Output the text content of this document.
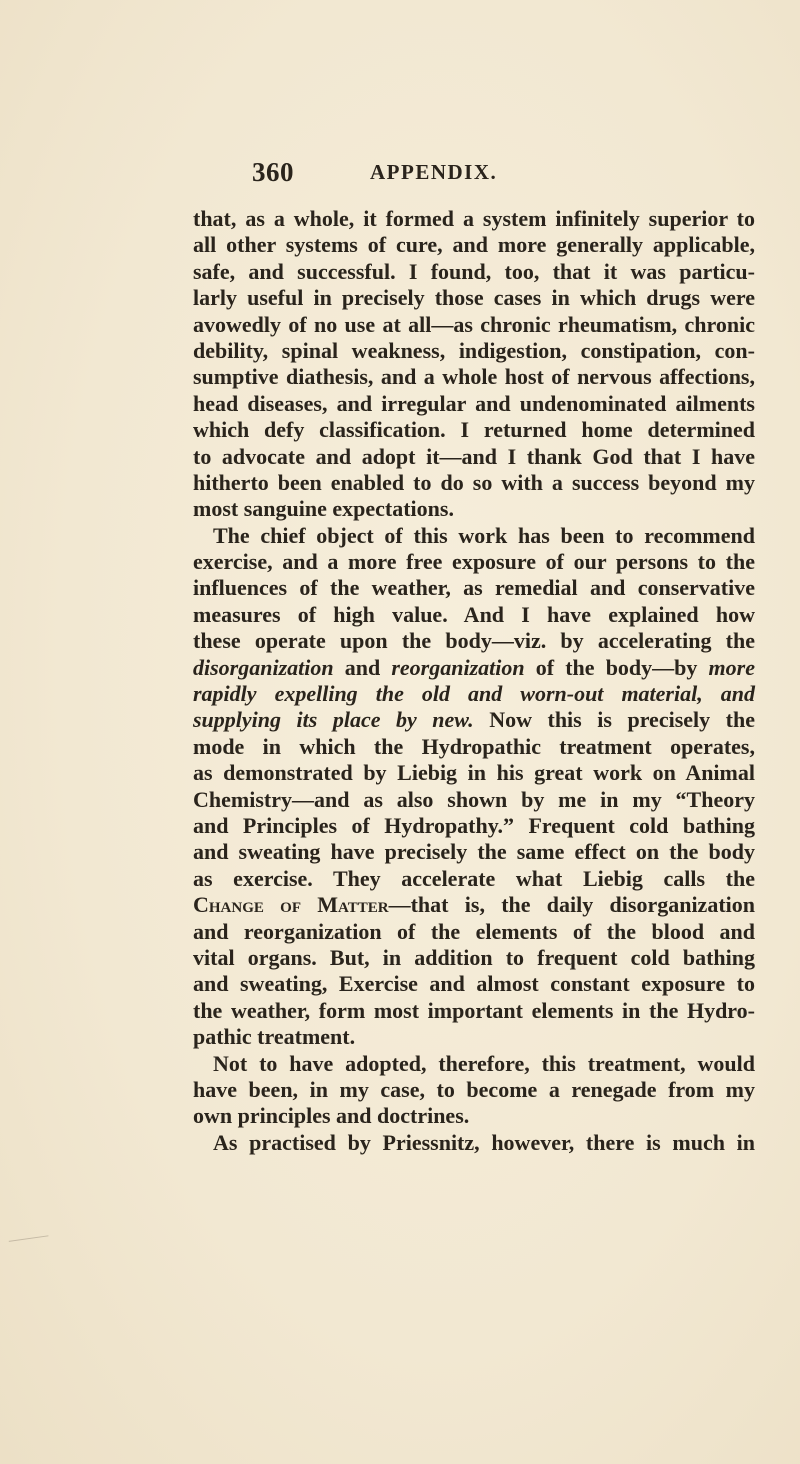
360	APPENDIX.
that, as a whole, it formed a system infinitely superior to
all other systems of cure, and more generally applicable,
safe, and successful. I found, too, that it was particu-
larly useful in precisely those cases in which drugs were
avowedly of no use at all—as chronic rheumatism, chronic
debility, spinal weakness, indigestion, constipation, con-
sumptive diathesis, and a whole host of nervous affections,
head diseases, and irregular and undenominated ailments
which defy classification. I returned home determined
to advocate and adopt it—and I thank God that I have
hitherto been enabled to do so with a success beyond my
most sanguine expectations.
The chief object of this work has been to recommend
exercise, and a more free exposure of our persons to the
influences of the weather, as remedial and conservative
measures of high value. And I have explained how
these operate upon the body—viz. by accelerating the
disorganization and reorganization of the body—by more
rapidly expelling the old and worn-out material, and
supplying its place by new. Now this is precisely the
mode in which the Hydropathic treatment operates,
as demonstrated by Liebig in his great work on Animal
Chemistry—and as also shown by me in my “Theory
and Principles of Hydropathy.” Frequent cold bathing
and sweating have precisely the same effect on the body
as exercise. They accelerate what Liebig calls the
Change of Matter—that is, the daily disorganization
and reorganization of the elements of the blood and
vital organs. But, in addition to frequent cold bathing
and sweating, Exercise and almost constant exposure to
the weather, form most important elements in the Hydro-
pathic treatment.
Not to have adopted, therefore, this treatment, would
have been, in my case, to become a renegade from my
own principles and doctrines.
As practised by Priessnitz, however, there is much in
